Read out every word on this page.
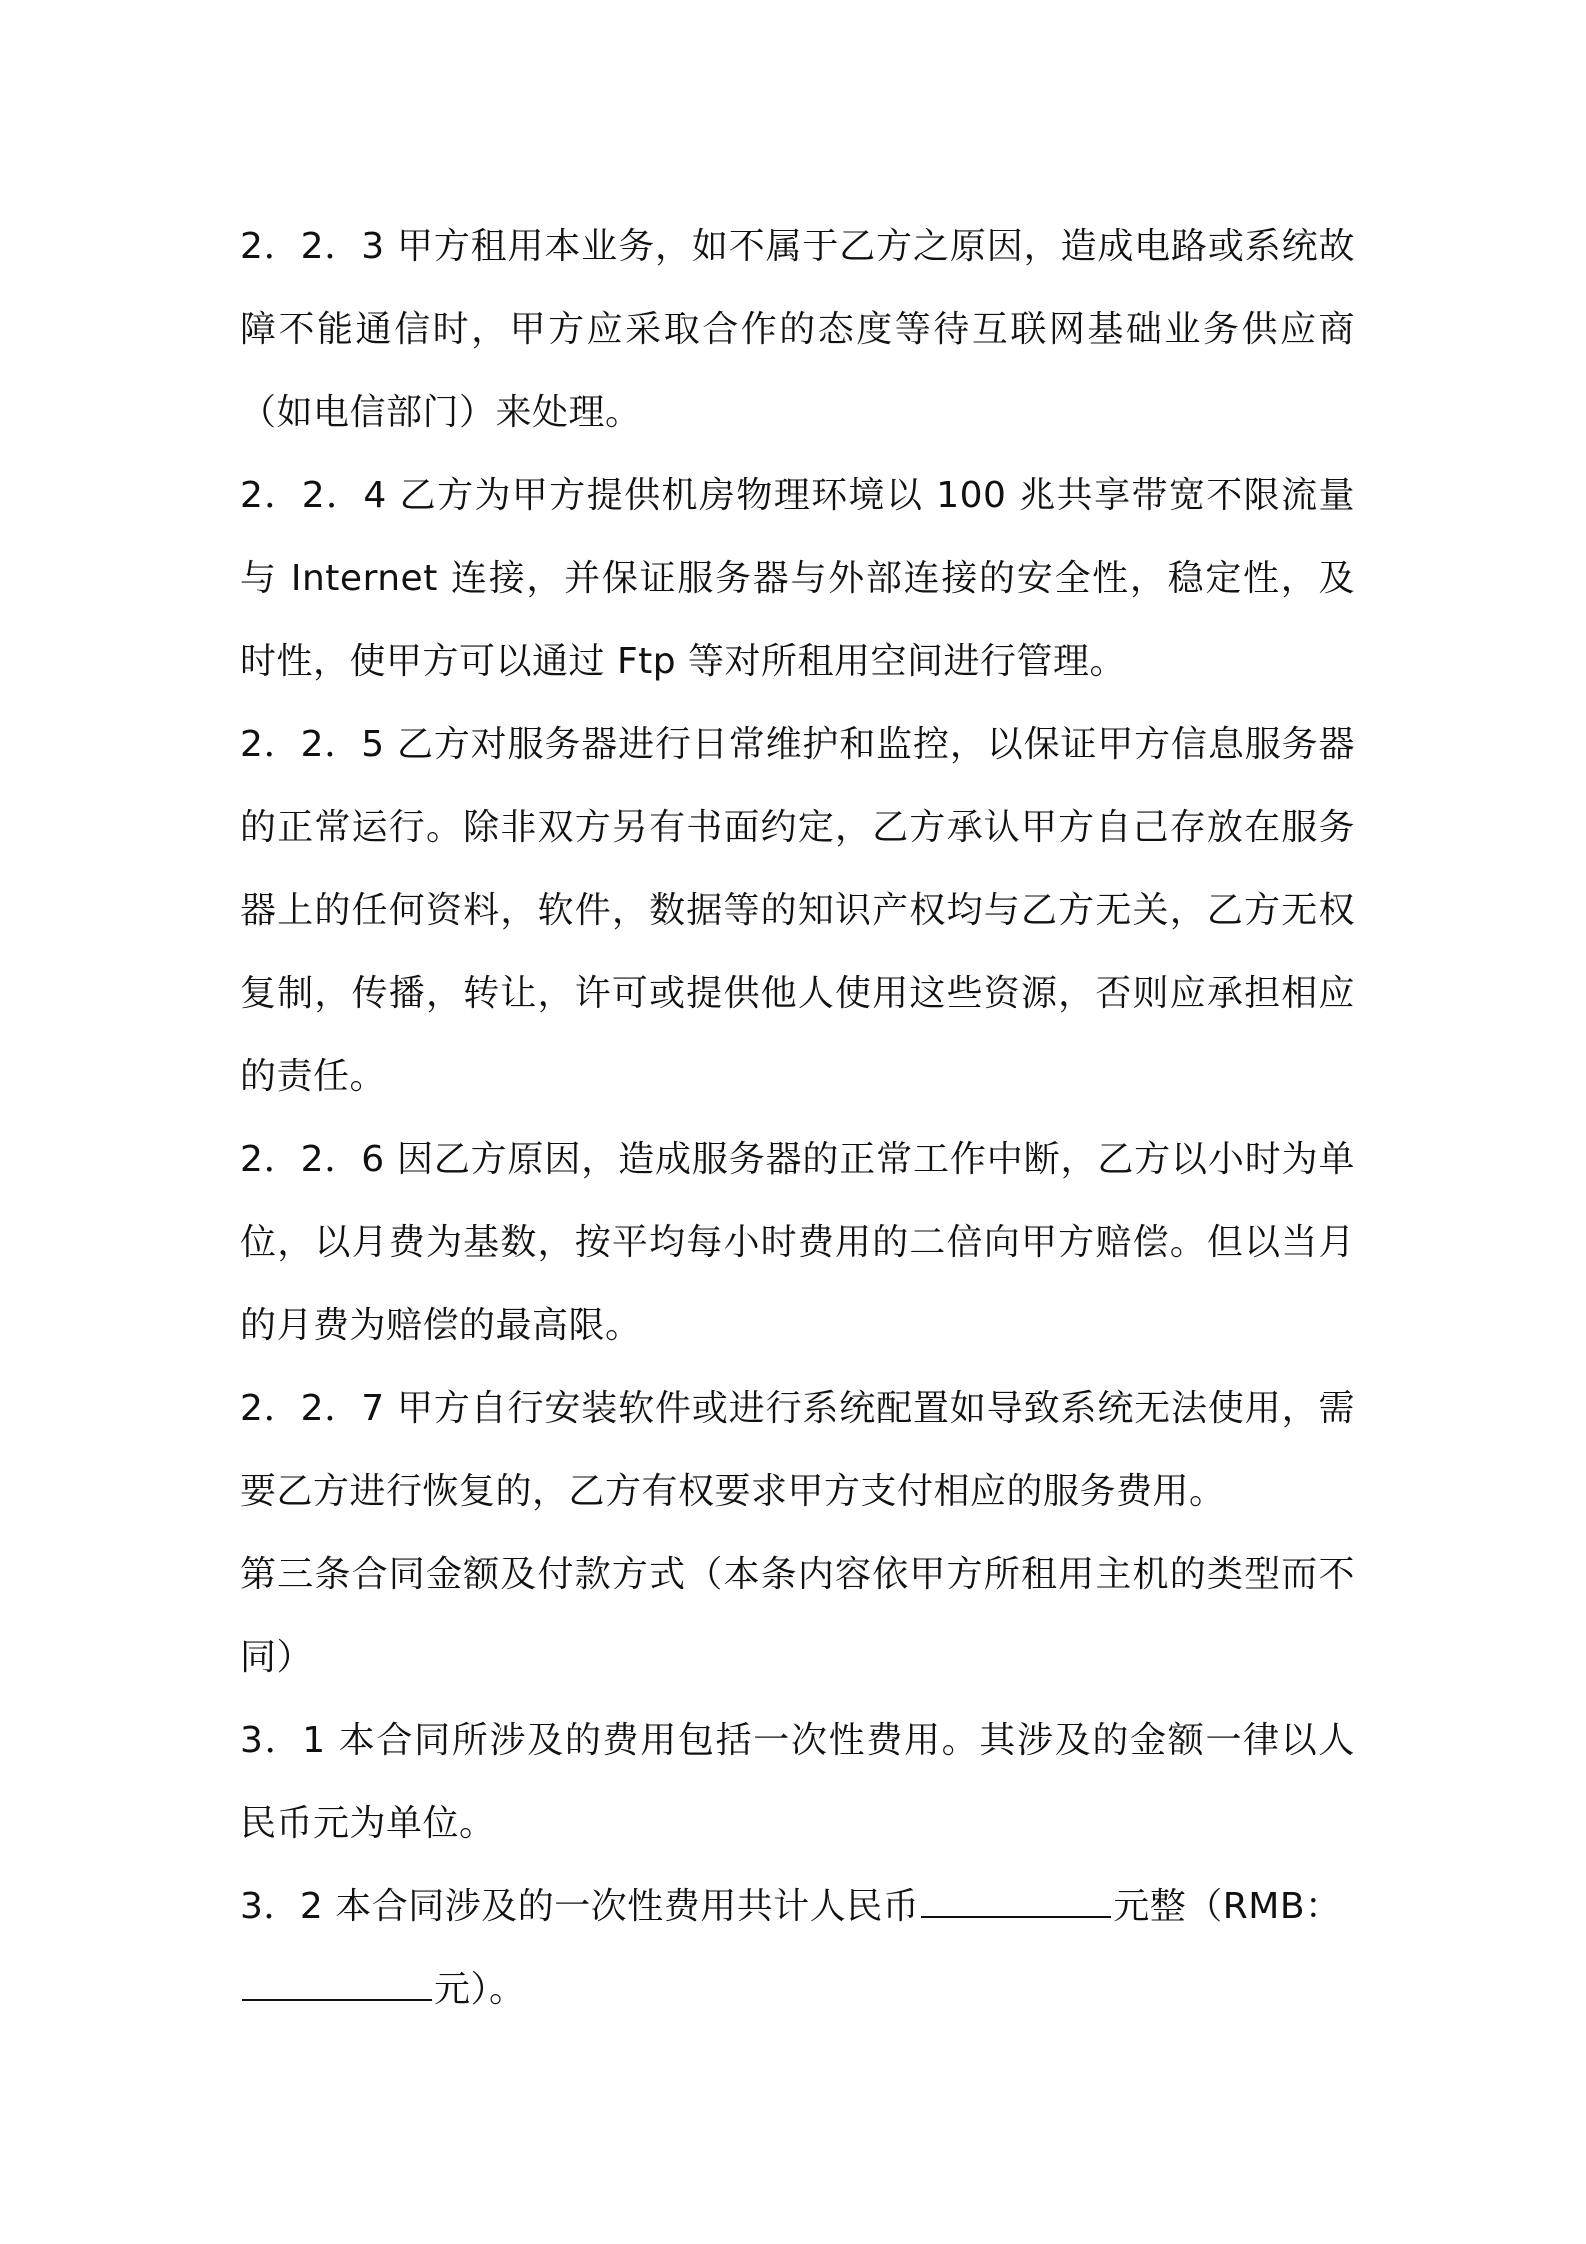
2．2．3 甲方租用本业务，如不属于乙方之原因，造成电路或系统故障不能通信时，甲方应采取合作的态度等待互联网基础业务供应商（如电信部门）来处理。

2．2．4 乙方为甲方提供机房物理环境以 100 兆共享带宽不限流量与 Internet 连接，并保证服务器与外部连接的安全性，稳定性，及时性，使甲方可以通过 Ftp 等对所租用空间进行管理。

2．2．5 乙方对服务器进行日常维护和监控，以保证甲方信息服务器的正常运行。除非双方另有书面约定，乙方承认甲方自己存放在服务器上的任何资料，软件，数据等的知识产权均与乙方无关，乙方无权复制，传播，转让，许可或提供他人使用这些资源，否则应承担相应的责任。

2．2．6 因乙方原因，造成服务器的正常工作中断，乙方以小时为单位，以月费为基数，按平均每小时费用的二倍向甲方赔偿。但以当月的月费为赔偿的最高限。

2．2．7 甲方自行安装软件或进行系统配置如导致系统无法使用，需要乙方进行恢复的，乙方有权要求甲方支付相应的服务费用。

第三条合同金额及付款方式（本条内容依甲方所租用主机的类型而不同）

3．1 本合同所涉及的费用包括一次性费用。其涉及的金额一律以人民币元为单位。

3．2 本合同涉及的一次性费用共计人民币	元整（RMB：
元）。
